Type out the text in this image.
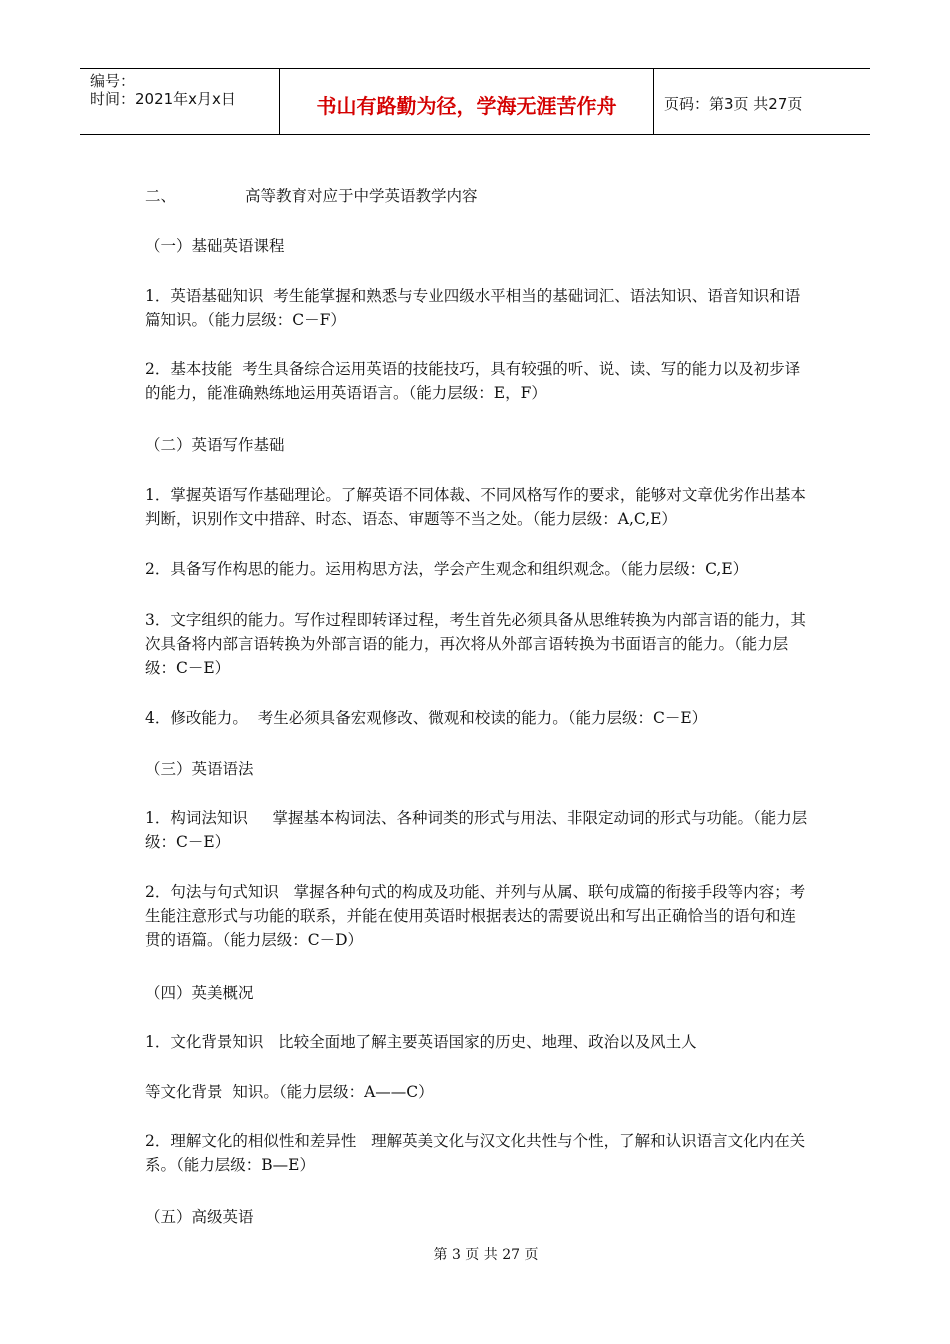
编号：
时间：2021年x月x日	书山有路勤为径，学海无涯苦作舟	页码：第3页 共27页
二、              高等教育对应于中学英语教学内容
（一）基础英语课程
1．英语基础知识  考生能掌握和熟悉与专业四级水平相当的基础词汇、语法知识、语音知识和语篇知识。（能力层级：C－F）
2．基本技能  考生具备综合运用英语的技能技巧，具有较强的听、说、读、写的能力以及初步译的能力，能准确熟练地运用英语语言。（能力层级：E，F）
（二）英语写作基础
1．掌握英语写作基础理论。了解英语不同体裁、不同风格写作的要求，能够对文章优劣作出基本判断，识别作文中措辞、时态、语态、审题等不当之处。（能力层级：A,C,E）
2．具备写作构思的能力。运用构思方法，学会产生观念和组织观念。（能力层级：C,E）
3．文字组织的能力。写作过程即转译过程，考生首先必须具备从思维转换为内部言语的能力，其次具备将内部言语转换为外部言语的能力，再次将从外部言语转换为书面语言的能力。（能力层级：C－E）
4．修改能力。  考生必须具备宏观修改、微观和校读的能力。（能力层级：C－E）
（三）英语语法
1．构词法知识     掌握基本构词法、各种词类的形式与用法、非限定动词的形式与功能。（能力层级：C－E）
2．句法与句式知识   掌握各种句式的构成及功能、并列与从属、联句成篇的衔接手段等内容；考生能注意形式与功能的联系，并能在使用英语时根据表达的需要说出和写出正确恰当的语句和连贯的语篇。（能力层级：C－D）
（四）英美概况
1．文化背景知识   比较全面地了解主要英语国家的历史、地理、政治以及风土人
等文化背景  知识。（能力层级：A——C）
2．理解文化的相似性和差异性   理解英美文化与汉文化共性与个性，了解和认识语言文化内在关系。（能力层级：B—E）
（五）高级英语
第 3 页 共 27 页
